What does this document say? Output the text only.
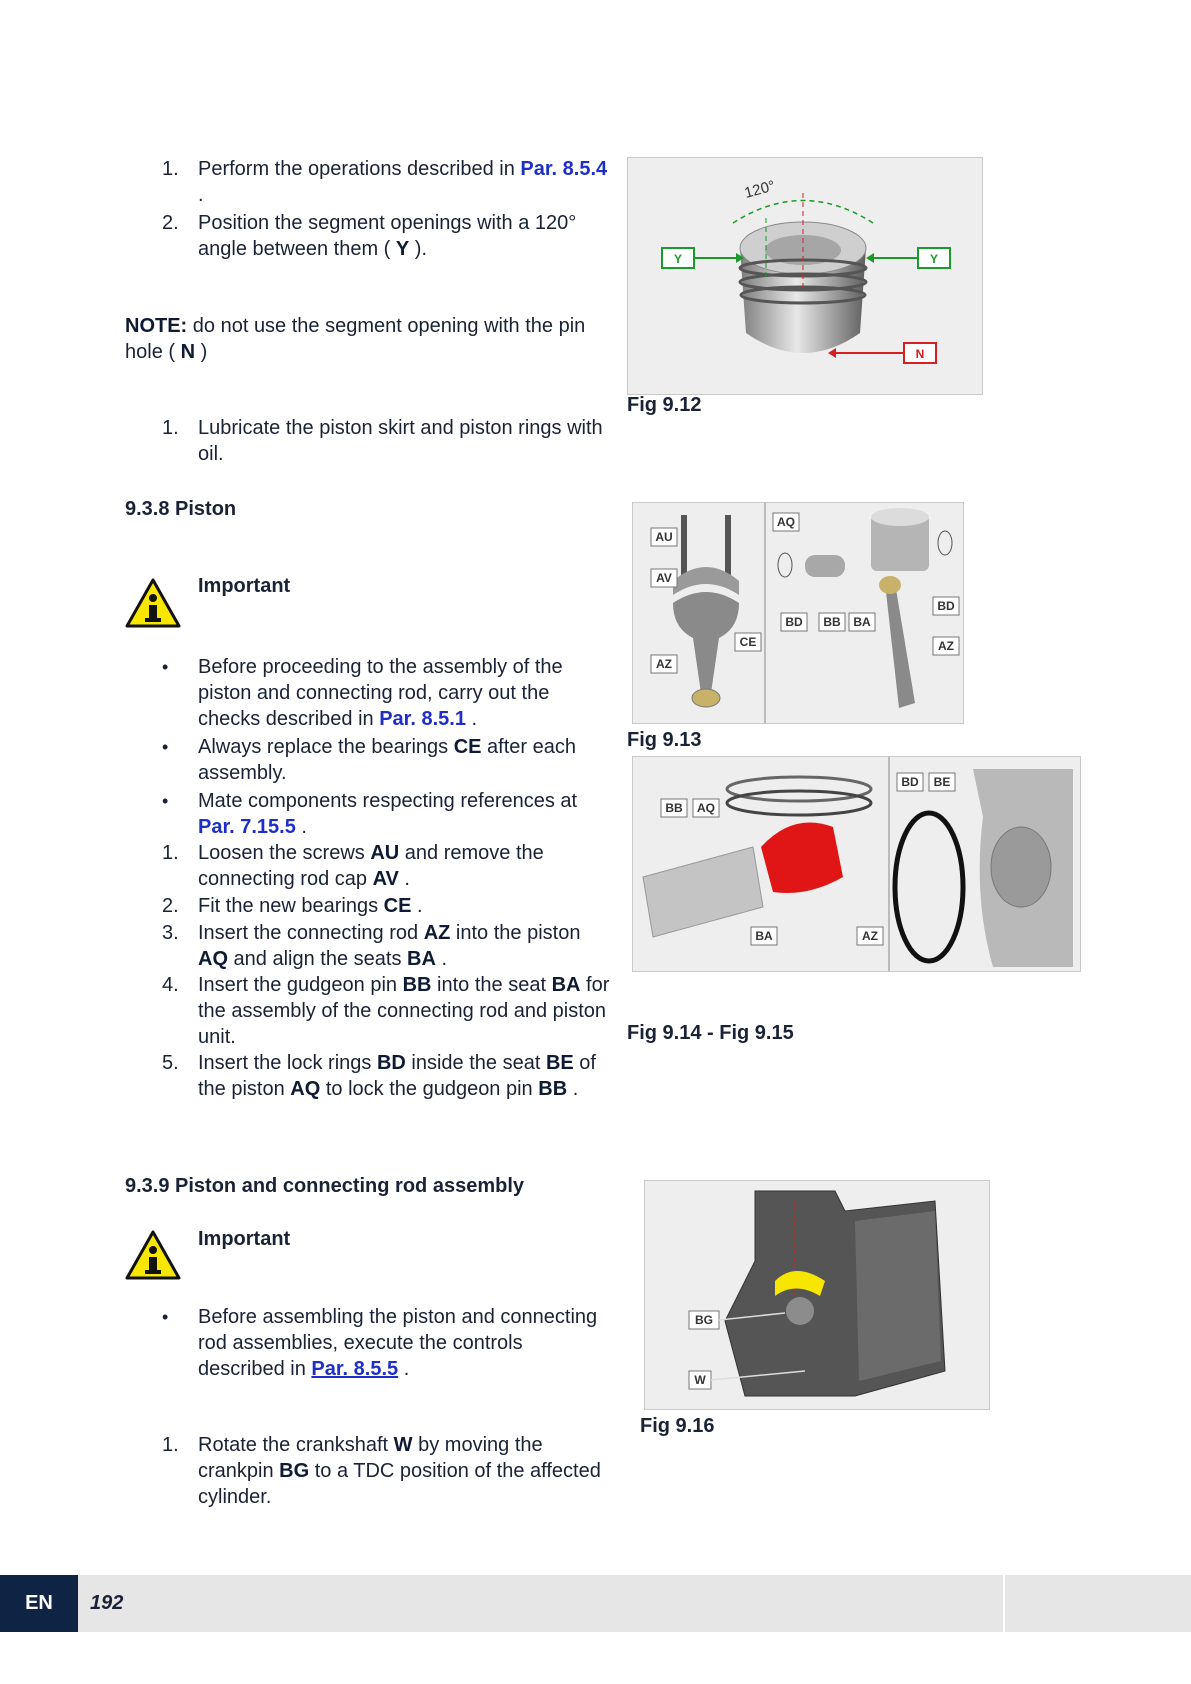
1. Perform the operations described in Par. 8.5.4 .
2. Position the segment openings with a 120° angle between them ( Y ).
NOTE: do not use the segment opening with the pin hole ( N )
1. Lubricate the piston skirt and piston rings with oil.
9.3.8 Piston
Important
• Before proceeding to the assembly of the piston and connecting rod, carry out the checks described in Par. 8.5.1 .
• Always replace the bearings CE after each assembly.
• Mate components respecting references at Par. 7.15.5 .
1. Loosen the screws AU and remove the connecting rod cap AV .
2. Fit the new bearings CE .
3. Insert the connecting rod AZ into the piston AQ and align the seats BA .
4. Insert the gudgeon pin BB into the seat BA for the assembly of the connecting rod and piston unit.
5. Insert the lock rings BD inside the seat BE of the piston AQ to lock the gudgeon pin BB .
9.3.9 Piston and connecting rod assembly
Important
• Before assembling the piston and connecting rod assemblies, execute the controls described in Par. 8.5.5 .
1. Rotate the crankshaft W by moving the crankpin BG to a TDC position of the affected cylinder.
120°
Y	Y
N
Fig 9.12
AU
AV
AZ
CE
AQ
BD
BB BA
BD
AZ
Fig 9.13
BB AQ
BA	AZ
BD BE
Fig 9.14 - Fig 9.15
BG
W
Fig 9.16
EN	192
